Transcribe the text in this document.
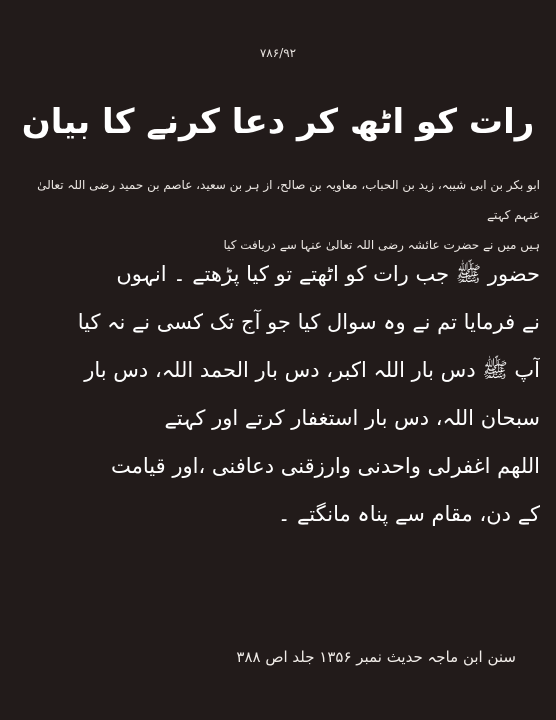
۷۸۶/۹۲
رات کو اٹھ کر دعا کرنے کا بیان
ابو بکر بن ابی شیبہ، زید بن الحباب، معاویہ بن صالح، از ہر بن سعید، عاصم بن حمید رضی اللہ تعالیٰ عنہم کہتے
ہیں میں نے حضرت عائشہ رضی اللہ تعالیٰ عنہا سے دریافت کیا
حضور ﷺ جب رات کو اٹھتے تو کیا پڑھتے ۔ انہوں
نے فرمایا تم نے وہ سوال کیا جو آج تک کسی نے نہ کیا
آپ ﷺ دس بار اللہ اکبر، دس بار الحمد اللہ، دس بار
سبحان اللہ، دس بار استغفار کرتے اور کہتے
اللھم اغفرلی واحدنی وارزقنی دعافنی ،اور قیامت
کے دن، مقام سے پناہ مانگتے ۔
سنن ابن ماجہ حدیث نمبر ۱۳۵۶ جلد اص ۳۸۸
